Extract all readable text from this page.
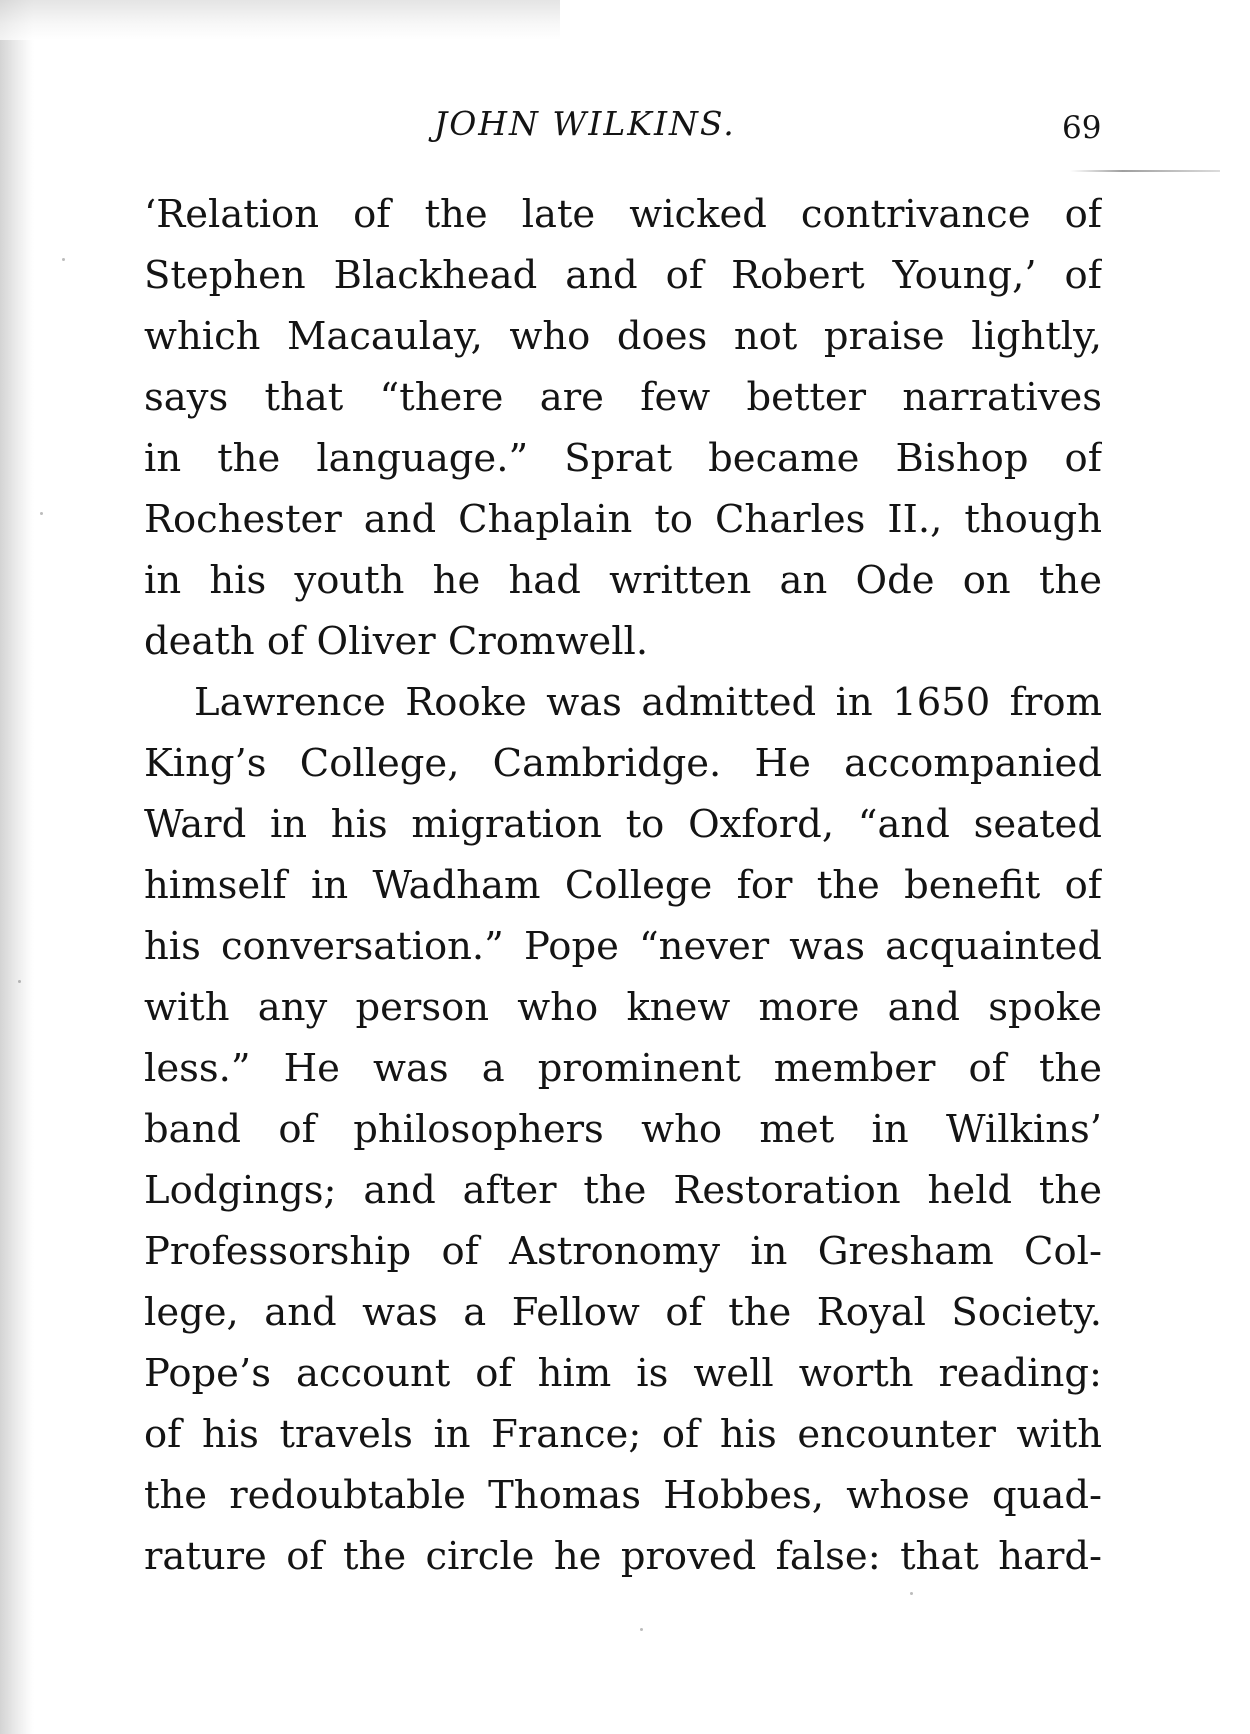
JOHN WILKINS.	69
‘Relation of the late wicked contrivance of
Stephen Blackhead and of Robert Young,’ of
which Macaulay, who does not praise lightly,
says that “there are few better narratives
in the language.” Sprat became Bishop of
Rochester and Chaplain to Charles II., though
in his youth he had written an Ode on the
death of Oliver Cromwell.
Lawrence Rooke was admitted in 1650 from
King’s College, Cambridge. He accompanied
Ward in his migration to Oxford, “and seated
himself in Wadham College for the benefit of
his conversation.” Pope “never was acquainted
with any person who knew more and spoke
less.” He was a prominent member of the
band of philosophers who met in Wilkins’
Lodgings; and after the Restoration held the
Professorship of Astronomy in Gresham Col-
lege, and was a Fellow of the Royal Society.
Pope’s account of him is well worth reading:
of his travels in France; of his encounter with
the redoubtable Thomas Hobbes, whose quad-
rature of the circle he proved false: that hard-
